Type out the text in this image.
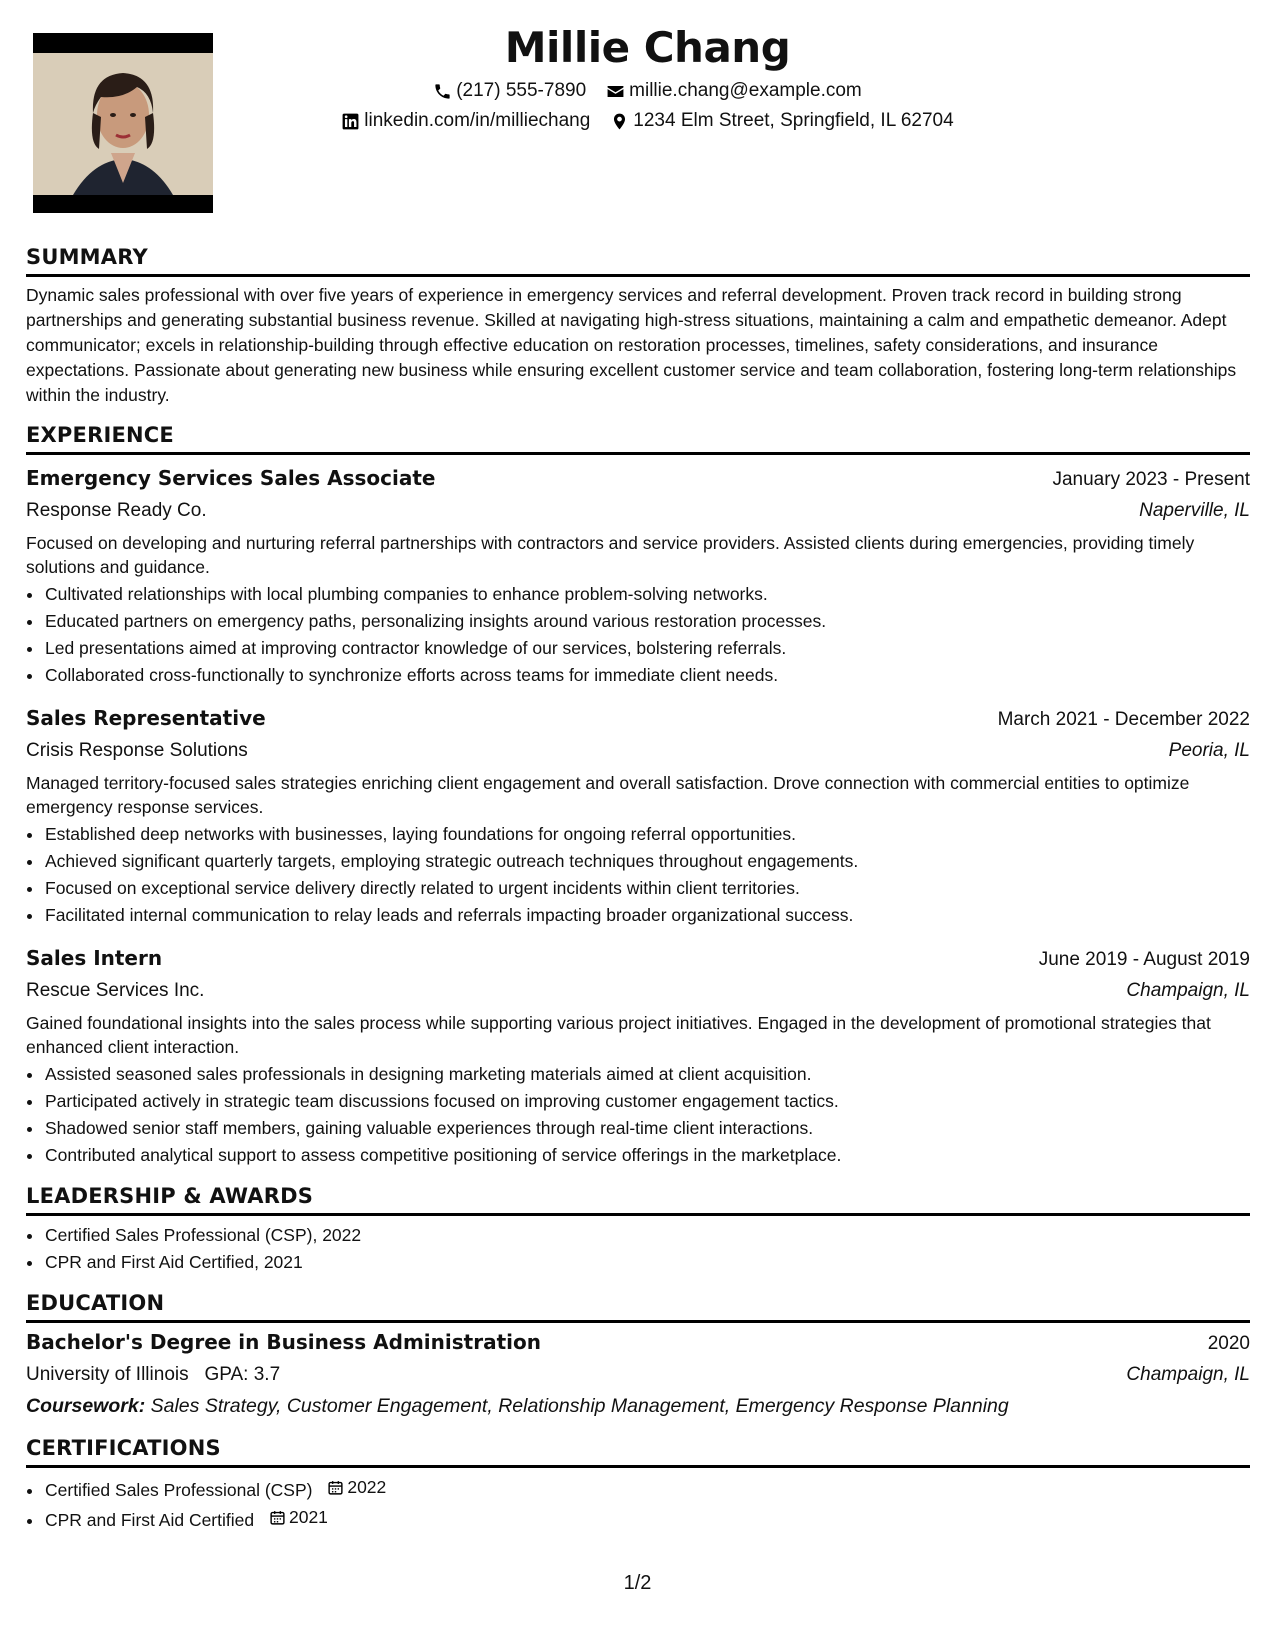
Millie Chang
(217) 555-7890 millie.chang@example.com
linkedin.com/in/milliechang 1234 Elm Street, Springfield, IL 62704
SUMMARY

Dynamic sales professional with over five years of experience in emergency services and referral development. Proven track record in building strong partnerships and generating substantial business revenue. Skilled at navigating high-stress situations, maintaining a calm and empathetic demeanor. Adept communicator; excels in relationship-building through effective education on restoration processes, timelines, safety considerations, and insurance expectations. Passionate about generating new business while ensuring excellent customer service and team collaboration, fostering long-term relationships within the industry.

EXPERIENCE
Emergency Services Sales Associate	January 2023 - Present
Response Ready Co.	Naperville, IL

Focused on developing and nurturing referral partnerships with contractors and service providers. Assisted clients during emergencies, providing timely solutions and guidance.

• Cultivated relationships with local plumbing companies to enhance problem-solving networks.
• Educated partners on emergency paths, personalizing insights around various restoration processes.
• Led presentations aimed at improving contractor knowledge of our services, bolstering referrals.
• Collaborated cross-functionally to synchronize efforts across teams for immediate client needs.
Sales Representative	March 2021 - December 2022
Crisis Response Solutions	Peoria, IL

Managed territory-focused sales strategies enriching client engagement and overall satisfaction. Drove connection with commercial entities to optimize emergency response services.

• Established deep networks with businesses, laying foundations for ongoing referral opportunities.
• Achieved significant quarterly targets, employing strategic outreach techniques throughout engagements.
• Focused on exceptional service delivery directly related to urgent incidents within client territories.
• Facilitated internal communication to relay leads and referrals impacting broader organizational success.
Sales Intern	June 2019 - August 2019
Rescue Services Inc.	Champaign, IL

Gained foundational insights into the sales process while supporting various project initiatives. Engaged in the development of promotional strategies that enhanced client interaction.

• Assisted seasoned sales professionals in designing marketing materials aimed at client acquisition.
• Participated actively in strategic team discussions focused on improving customer engagement tactics.
• Shadowed senior staff members, gaining valuable experiences through real-time client interactions.
• Contributed analytical support to assess competitive positioning of service offerings in the marketplace.
LEADERSHIP & AWARDS
• Certified Sales Professional (CSP), 2022
• CPR and First Aid Certified, 2021
EDUCATION
Bachelor's Degree in Business Administration	2020
University of Illinois GPA: 3.7	Champaign, IL
Coursework: Sales Strategy, Customer Engagement, Relationship Management, Emergency Response Planning
CERTIFICATIONS
• Certified Sales Professional (CSP) 2022
• CPR and First Aid Certified 2021
1/2
